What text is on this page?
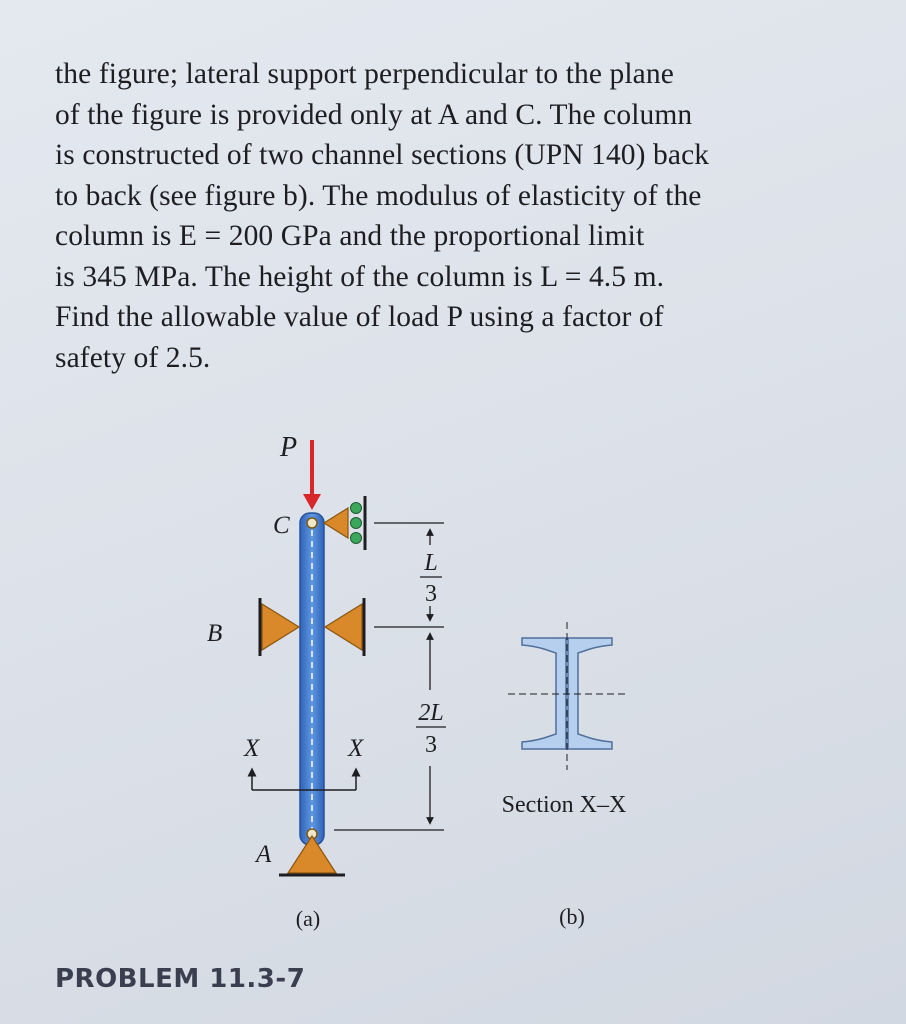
the figure; lateral support perpendicular to the plane
of the figure is provided only at A and C. The column
is constructed of two channel sections (UPN 140) back
to back (see figure b). The modulus of elasticity of the
column is E = 200 GPa and the proportional limit
is 345 MPa. The height of the column is L = 4.5 m.
Find the allowable value of load P using a factor of
safety of 2.5.
P
C
B
A
X	X
L
3
2L
3
(a)
Section X–X
(b)
PROBLEM 11.3-7
